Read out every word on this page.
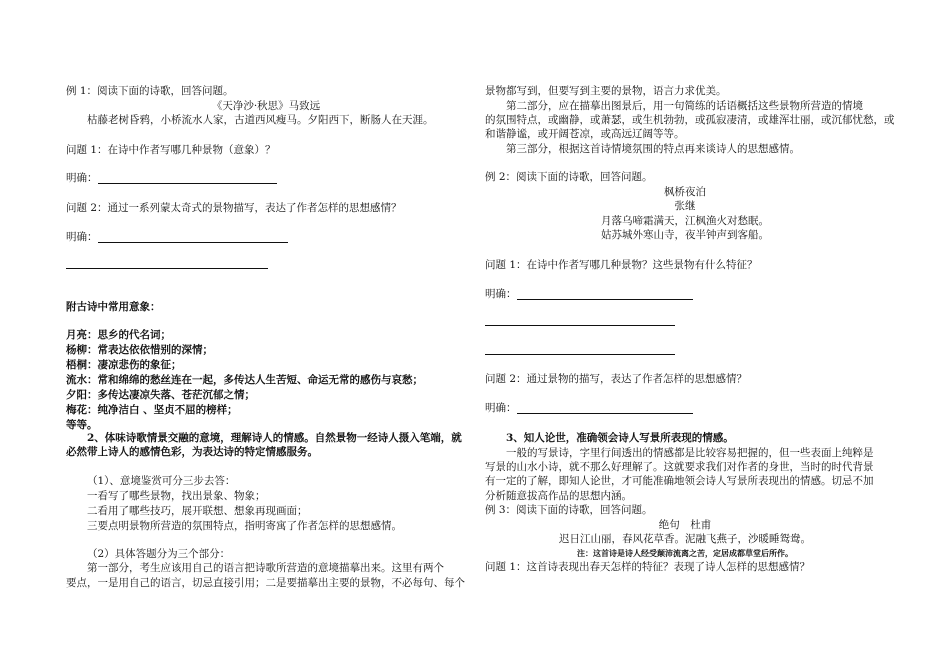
例 1：阅读下面的诗歌，回答问题。
《天净沙·秋思》马致远
枯藤老树昏鸦，小桥流水人家，古道西风瘦马。夕阳西下，断肠人在天涯。
问题 1：在诗中作者写哪几种景物（意象）？
明确：
问题 2：通过一系列蒙太奇式的景物描写，表达了作者怎样的思想感情？
明确：
附古诗中常用意象：
月亮：思乡的代名词；
杨柳：常表达依依惜别的深情；
梧桐：凄凉悲伤的象征；
流水：常和绵绵的愁丝连在一起，多传达人生苦短、命运无常的感伤与哀愁；
夕阳：多传达凄凉失落、苍茫沉郁之情；
梅花：纯净洁白 、坚贞不屈的榜样；
等等。
2、体味诗歌情景交融的意境，理解诗人的情感。自然景物一经诗人摄入笔端，就
必然带上诗人的感情色彩，为表达诗的特定情感服务。
（1）、意境鉴赏可分三步去答：
一看写了哪些景物，找出景象、物象；
二看用了哪些技巧，展开联想、想象再现画面；
三要点明景物所营造的氛围特点，指明寄寓了作者怎样的思想感情。
（2）具体答题分为三个部分：
第一部分，考生应该用自己的语言把诗歌所营造的意境描摹出来。这里有两个
要点，一是用自己的语言，切忌直接引用；二是要描摹出主要的景物，不必每句、每个
景物都写到，但要写到主要的景物，语言力求优美。
第二部分，应在描摹出图景后，用一句简练的话语概括这些景物所营造的情境
的氛围特点，或幽静，或萧瑟，或生机勃勃，或孤寂凄清，或雄浑壮丽，或沉郁忧愁，或
和谐静谧，或开阔苍凉，或高远辽阔等等。
第三部分，根据这首诗情境氛围的特点再来谈诗人的思想感情。
例 2：阅读下面的诗歌，回答问题。
枫桥夜泊
张继
月落乌啼霜满天，江枫渔火对愁眠。
姑苏城外寒山寺，夜半钟声到客船。
问题 1：在诗中作者写哪几种景物？这些景物有什么特征？
明确：
问题 2：通过景物的描写，表达了作者怎样的思想感情？
明确：
3、知人论世，准确领会诗人写景所表现的情感。
一般的写景诗，字里行间透出的情感都是比较容易把握的，但一些表面上纯粹是
写景的山水小诗，就不那么好理解了。这就要求我们对作者的身世，当时的时代背景
有一定的了解，即知人论世，才可能准确地领会诗人写景所表现出的情感。切忌不加
分析随意拔高作品的思想内涵。
例 3：阅读下面的诗歌，回答问题。
绝句　杜甫
迟日江山丽，春风花草香。泥融飞燕子，沙暖睡鸳鸯。
注：这首诗是诗人经受颠沛流离之苦，定居成都草堂后所作。
问题 1：这首诗表现出春天怎样的特征？表现了诗人怎样的思想感情？
